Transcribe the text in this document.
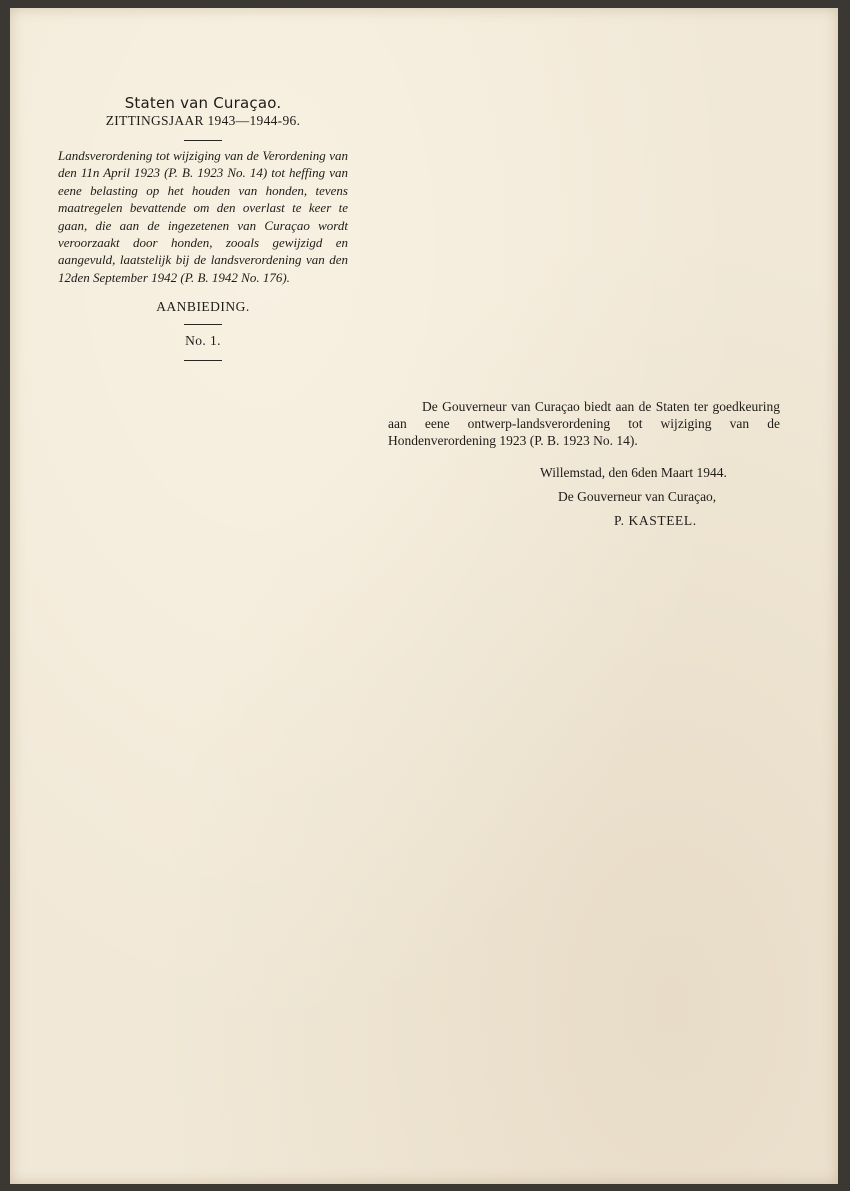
Staten van Curaçao.
ZITTINGSJAAR 1943—1944-96.

Landsverordening tot wijziging van de Verordening van den 11n April 1923 (P. B. 1923 No. 14) tot heffing van eene belasting op het houden van honden, tevens maatregelen bevattende om den overlast te keer te gaan, die aan de ingezetenen van Curaçao wordt veroorzaakt door honden, zooals gewijzigd en aangevuld, laatstelijk bij de landsverordening van den 12den September 1942 (P. B. 1942 No. 176).

AANBIEDING.
No. 1.

De Gouverneur van Curaçao biedt aan de Staten ter goedkeuring aan eene ontwerp-landsverordening tot wijziging van de Hondenverordening 1923 (P. B. 1923 No. 14).

Willemstad, den 6den Maart 1944.
De Gouverneur van Curaçao,
P. KASTEEL.
